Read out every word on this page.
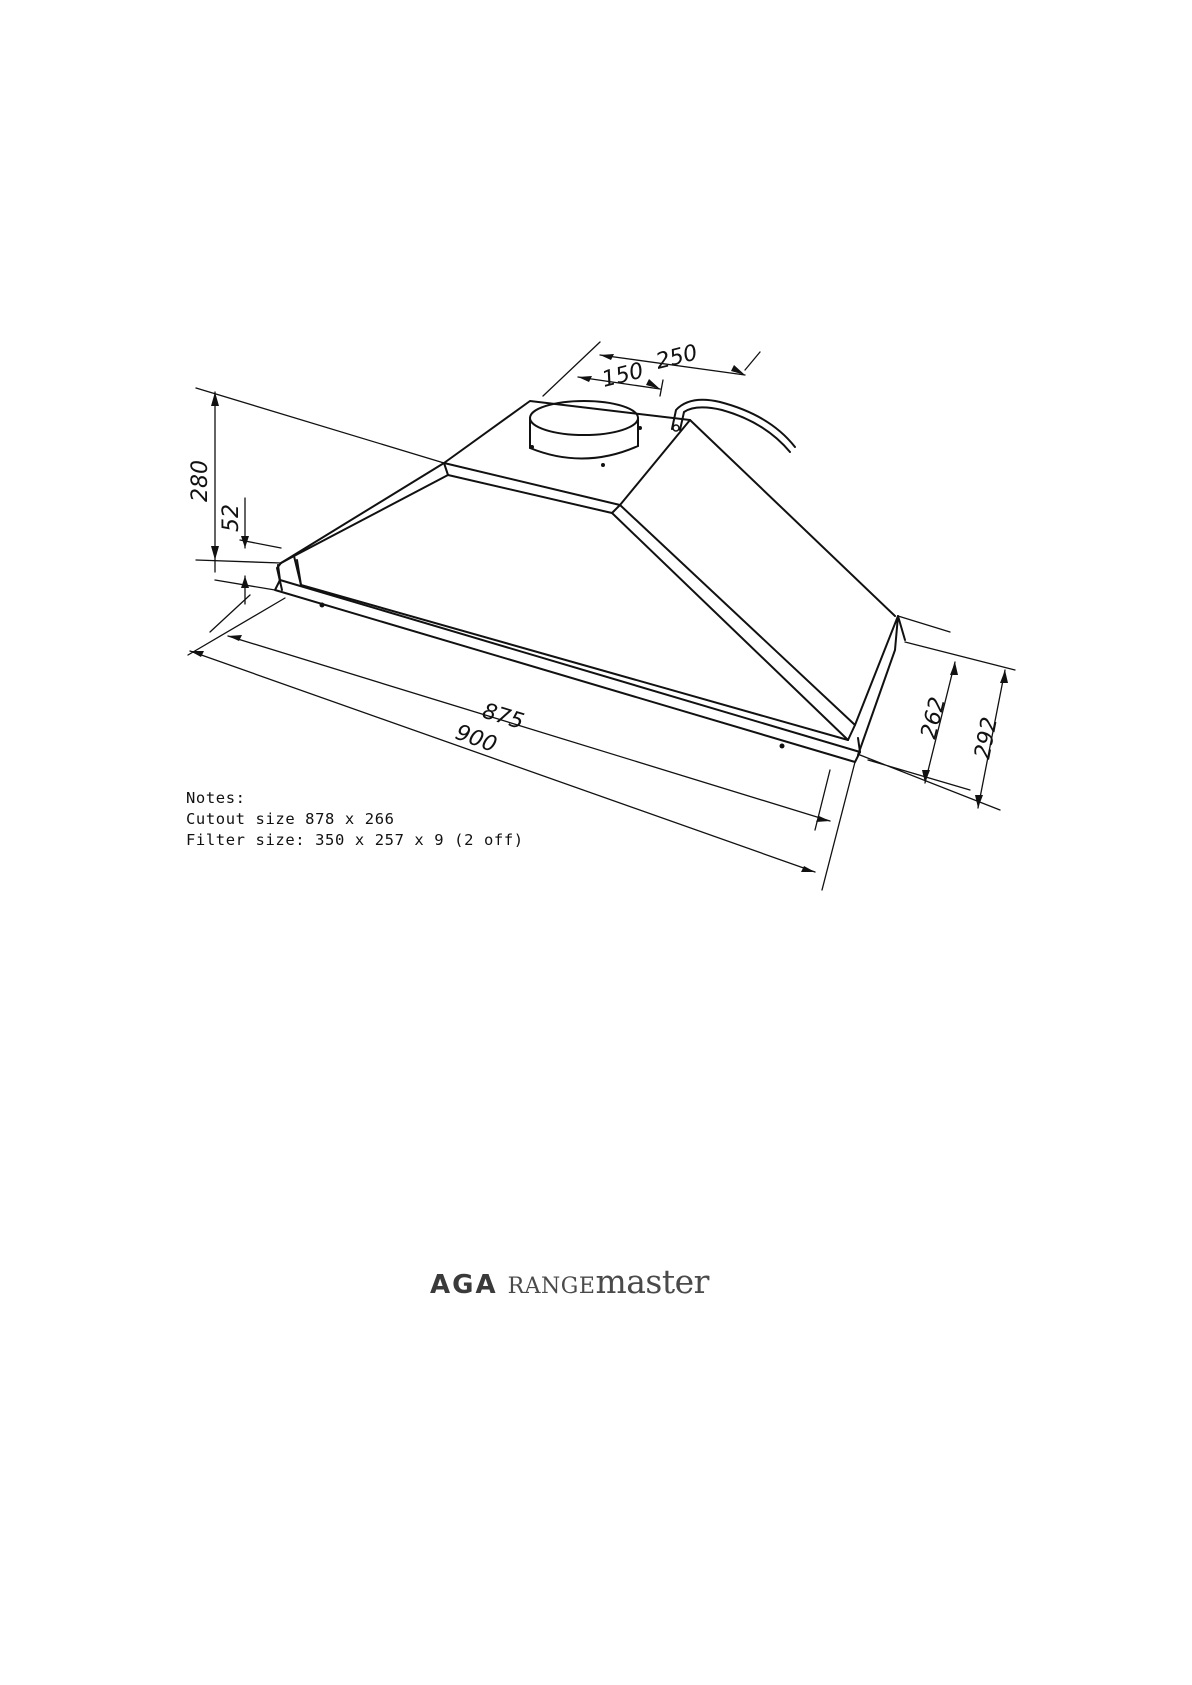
250
150
280
52
875
900	262 292
Notes:
Cutout size 878 x 266
Filter size: 350 x 257 x 9 (2 off)
AGA RANGEmaster
